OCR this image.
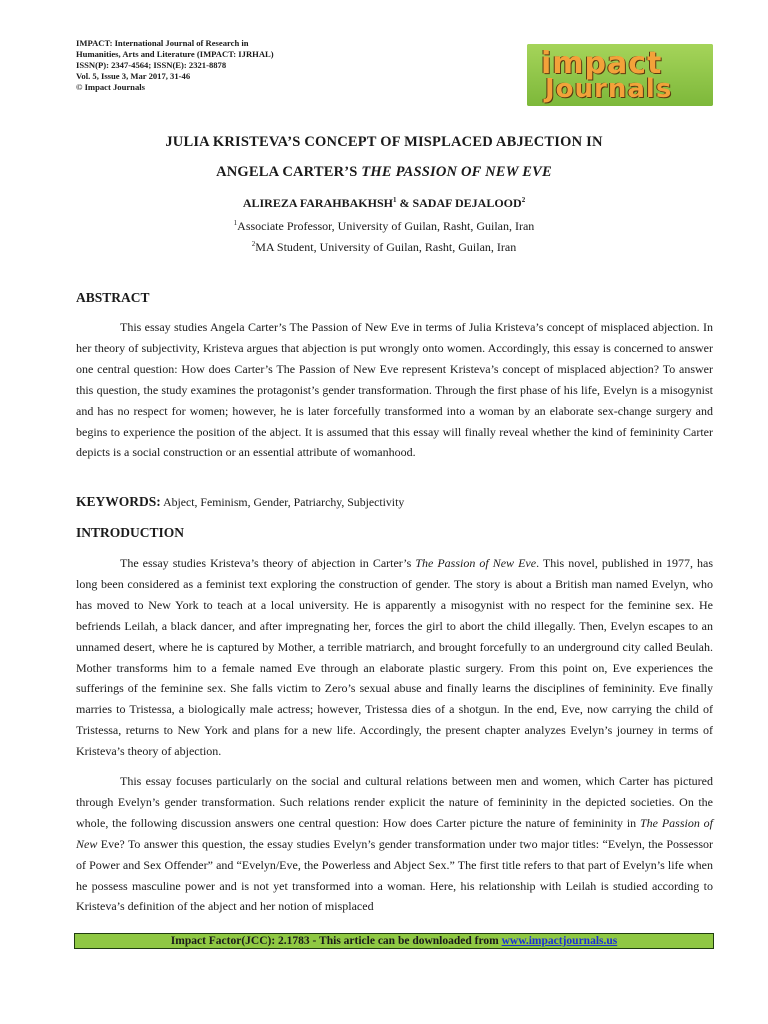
IMPACT: International Journal of Research in
Humanities, Arts and Literature (IMPACT: IJRHAL)
ISSN(P): 2347-4564; ISSN(E): 2321-8878
Vol. 5, Issue 3, Mar 2017, 31-46
© Impact Journals
impact
Journals
JULIA KRISTEVA’S CONCEPT OF MISPLACED ABJECTION IN
ANGELA CARTER’S THE PASSION OF NEW EVE
ALIREZA FARAHBAKHSH$^1$ & SADAF DEJALOOD$^2$
$^1$Associate Professor, University of Guilan, Rasht, Guilan, Iran
$^2$MA Student, University of Guilan, Rasht, Guilan, Iran
ABSTRACT

This essay studies Angela Carter’s The Passion of New Eve in terms of Julia Kristeva’s concept of misplaced abjection. In her theory of subjectivity, Kristeva argues that abjection is put wrongly onto women. Accordingly, this essay is concerned to answer one central question: How does Carter’s The Passion of New Eve represent Kristeva’s concept of misplaced abjection? To answer this question, the study examines the protagonist’s gender transformation. Through the first phase of his life, Evelyn is a misogynist and has no respect for women; however, he is later forcefully transformed into a woman by an elaborate sex-change surgery and begins to experience the position of the abject. It is assumed that this essay will finally reveal whether the kind of femininity Carter depicts is a social construction or an essential attribute of womanhood.

KEYWORDS: Abject, Feminism, Gender, Patriarchy, Subjectivity
INTRODUCTION

The essay studies Kristeva’s theory of abjection in Carter’s The Passion of New Eve. This novel, published in 1977, has long been considered as a feminist text exploring the construction of gender. The story is about a British man named Evelyn, who has moved to New York to teach at a local university. He is apparently a misogynist with no respect for the feminine sex. He befriends Leilah, a black dancer, and after impregnating her, forces the girl to abort the child illegally. Then, Evelyn escapes to an unnamed desert, where he is captured by Mother, a terrible matriarch, and brought forcefully to an underground city called Beulah. Mother transforms him to a female named Eve through an elaborate plastic surgery. From this point on, Eve experiences the sufferings of the feminine sex. She falls victim to Zero’s sexual abuse and finally learns the disciplines of femininity. Eve finally marries to Tristessa, a biologically male actress; however, Tristessa dies of a shotgun. In the end, Eve, now carrying the child of Tristessa, returns to New York and plans for a new life. Accordingly, the present chapter analyzes Evelyn’s journey in terms of Kristeva’s theory of abjection.

This essay focuses particularly on the social and cultural relations between men and women, which Carter has pictured through Evelyn’s gender transformation. Such relations render explicit the nature of femininity in the depicted societies. On the whole, the following discussion answers one central question: How does Carter picture the nature of femininity in The Passion of New Eve? To answer this question, the essay studies Evelyn’s gender transformation under two major titles: “Evelyn, the Possessor of Power and Sex Offender” and “Evelyn/Eve, the Powerless and Abject Sex.” The first title refers to that part of Evelyn’s life when he possess masculine power and is not yet transformed into a woman. Here, his relationship with Leilah is studied according to Kristeva’s definition of the abject and her notion of misplaced

Impact Factor(JCC): 2.1783 - This article can be downloaded from www.impactjournals.us
